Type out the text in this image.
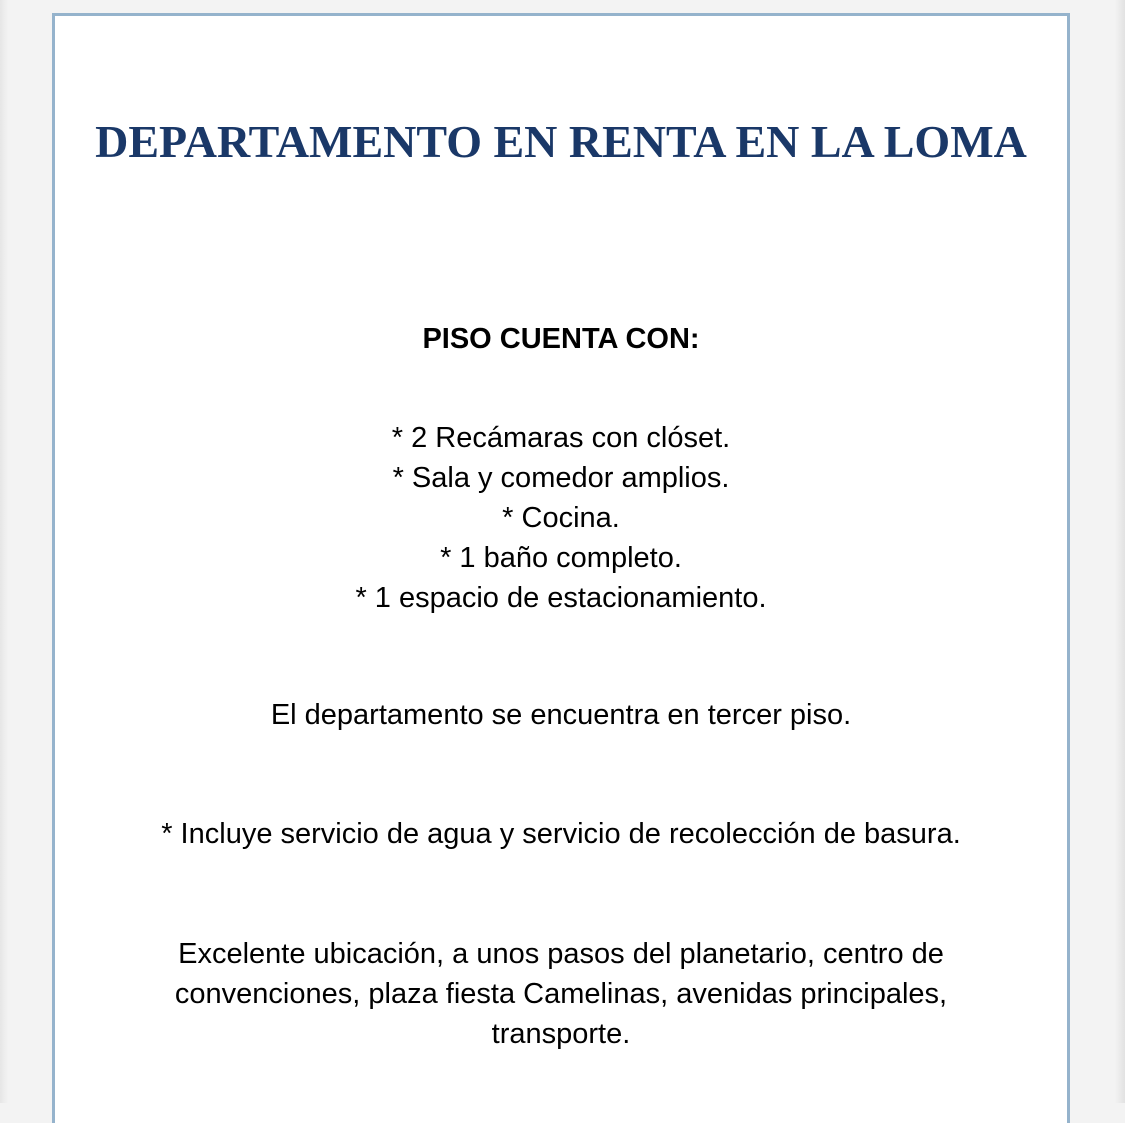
DEPARTAMENTO EN RENTA EN LA LOMA
PISO CUENTA CON:
* 2 Recámaras con clóset.
* Sala y comedor amplios.
* Cocina.
* 1 baño completo.
* 1 espacio de estacionamiento.

El departamento se encuentra en tercer piso.

* Incluye servicio de agua y servicio de recolección de basura.

Excelente ubicación, a unos pasos del planetario, centro de convenciones, plaza fiesta Camelinas, avenidas principales, transporte.
